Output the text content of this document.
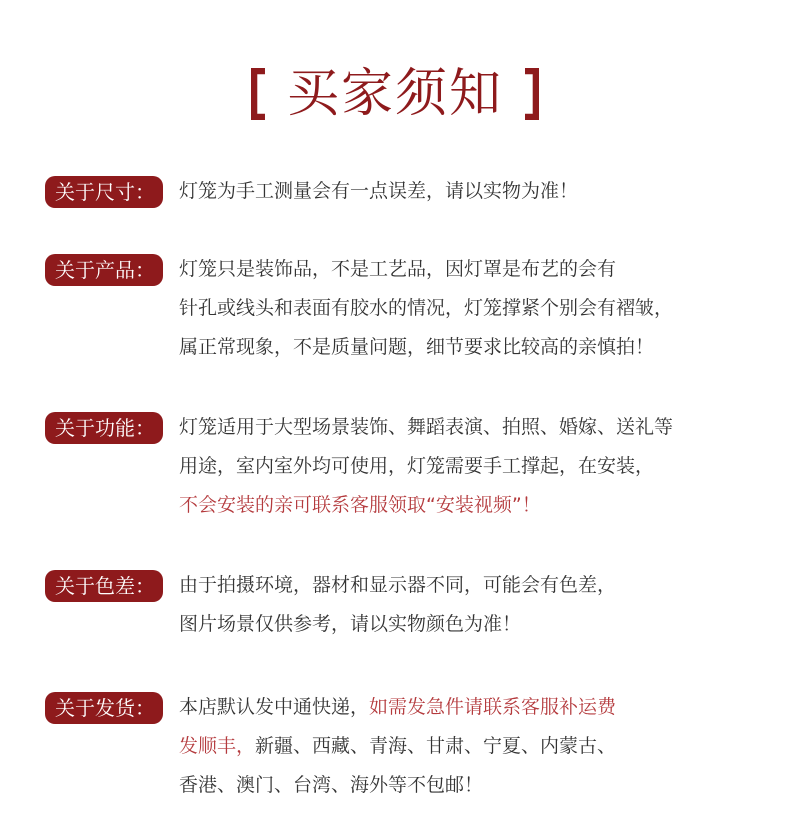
买家须知
关于尺寸：	灯笼为手工测量会有一点误差，请以实物为准！
关于产品：	灯笼只是装饰品，不是工艺品，因灯罩是布艺的会有
针孔或线头和表面有胶水的情况，灯笼撑紧个别会有褶皱，
属正常现象，不是质量问题，细节要求比较高的亲慎拍！
关于功能：	灯笼适用于大型场景装饰、舞蹈表演、拍照、婚嫁、送礼等
用途，室内室外均可使用，灯笼需要手工撑起，在安装，
不会安装的亲可联系客服领取“安装视频”！
关于色差：	由于拍摄环境，器材和显示器不同，可能会有色差，
图片场景仅供参考，请以实物颜色为准！
关于发货：	本店默认发中通快递，如需发急件请联系客服补运费
发顺丰，新疆、西藏、青海、甘肃、宁夏、内蒙古、
香港、澳门、台湾、海外等不包邮！
